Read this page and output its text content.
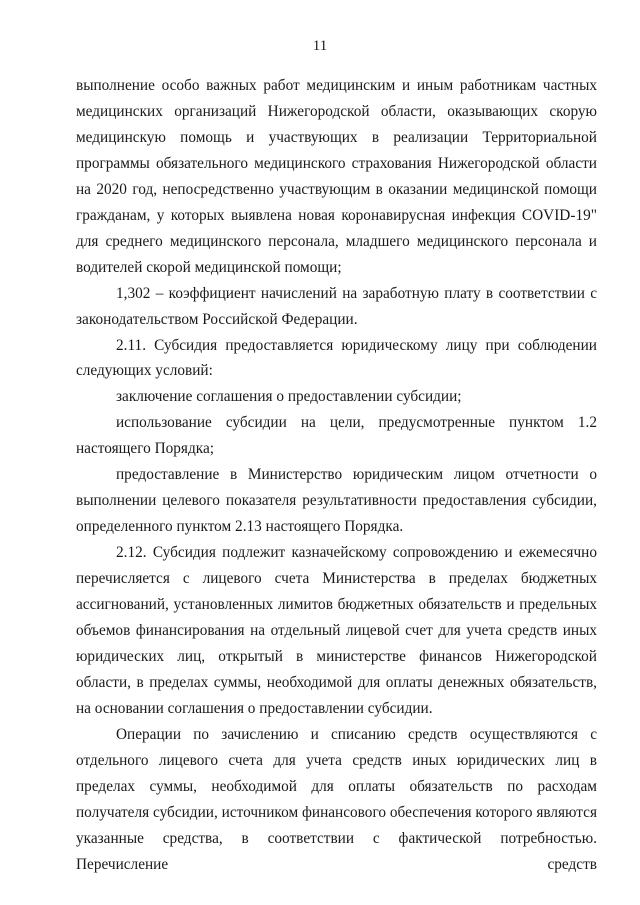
11

выполнение особо важных работ медицинским и иным работникам частных медицинских организаций Нижегородской области, оказывающих скорую медицинскую помощь и участвующих в реализации Территориальной программы обязательного медицинского страхования Нижегородской области на 2020 год, непосредственно участвующим в оказании медицинской помощи гражданам, у которых выявлена новая коронавирусная инфекция COVID-19" для среднего медицинского персонала, младшего медицинского персонала и водителей скорой медицинской помощи;

1,302 – коэффициент начислений на заработную плату в соответствии с законодательством Российской Федерации.

2.11. Субсидия предоставляется юридическому лицу при соблюдении следующих условий:

заключение соглашения о предоставлении субсидии;

использование субсидии на цели, предусмотренные пунктом 1.2 настоящего Порядка;

предоставление в Министерство юридическим лицом отчетности о выполнении целевого показателя результативности предоставления субсидии, определенного пунктом 2.13 настоящего Порядка.

2.12. Субсидия подлежит казначейскому сопровождению и ежемесячно перечисляется с лицевого счета Министерства в пределах бюджетных ассигнований, установленных лимитов бюджетных обязательств и предельных объемов финансирования на отдельный лицевой счет для учета средств иных юридических лиц, открытый в министерстве финансов Нижегородской области, в пределах суммы, необходимой для оплаты денежных обязательств, на основании соглашения о предоставлении субсидии.

Операции по зачислению и списанию средств осуществляются с отдельного лицевого счета для учета средств иных юридических лиц в пределах суммы, необходимой для оплаты обязательств по расходам получателя субсидии, источником финансового обеспечения которого являются указанные средства, в соответствии с фактической потребностью. Перечисление средств
